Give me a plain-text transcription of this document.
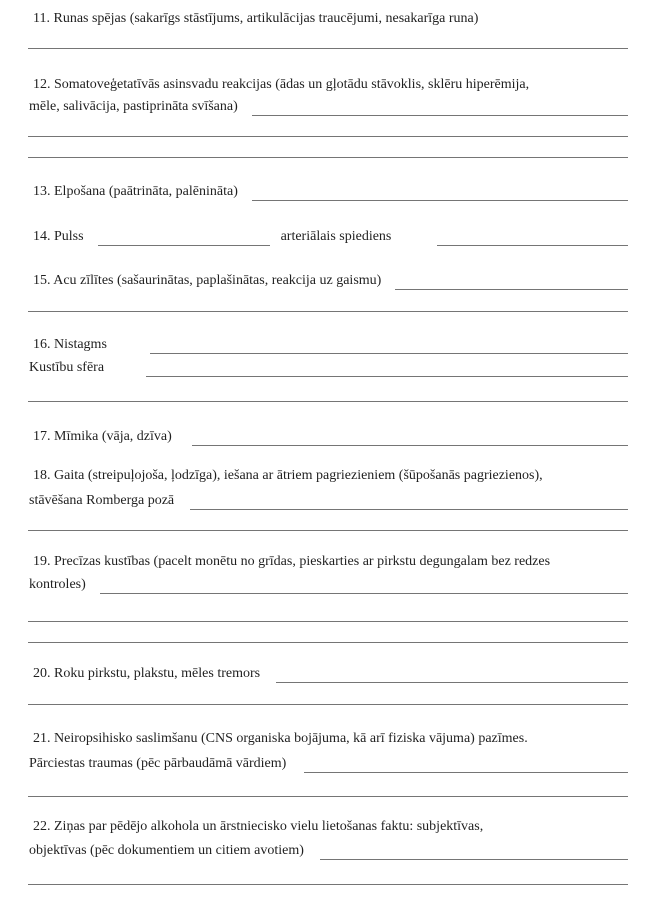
11. Runas spējas (sakarīgs stāstījums, artikulācijas traucējumi, nesakarīga runa)
12. Somatoveģetatīvās asinsvadu reakcijas (ādas un gļotādu stāvoklis, sklēru hiperēmija,
mēle, salivācija, pastiprināta svīšana)
13. Elpošana (paātrināta, palēnināta)
14. Pulss	arteriālais spiediens
15. Acu zīlītes (sašaurinātas, paplašinātas, reakcija uz gaismu)
16. Nistagms
Kustību sfēra
17. Mīmika (vāja, dzīva)
18. Gaita (streipuļojoša, ļodzīga), iešana ar ātriem pagriezieniem (šūpošanās pagriezienos),
stāvēšana Romberga pozā
19. Precīzas kustības (pacelt monētu no grīdas, pieskarties ar pirkstu degungalam bez redzes
kontroles)
20. Roku pirkstu, plakstu, mēles tremors
21. Neiropsihisko saslimšanu (CNS organiska bojājuma, kā arī fiziska vājuma) pazīmes.
Pārciestas traumas (pēc pārbaudāmā vārdiem)
22. Ziņas par pēdējo alkohola un ārstniecisko vielu lietošanas faktu: subjektīvas,
objektīvas (pēc dokumentiem un citiem avotiem)
